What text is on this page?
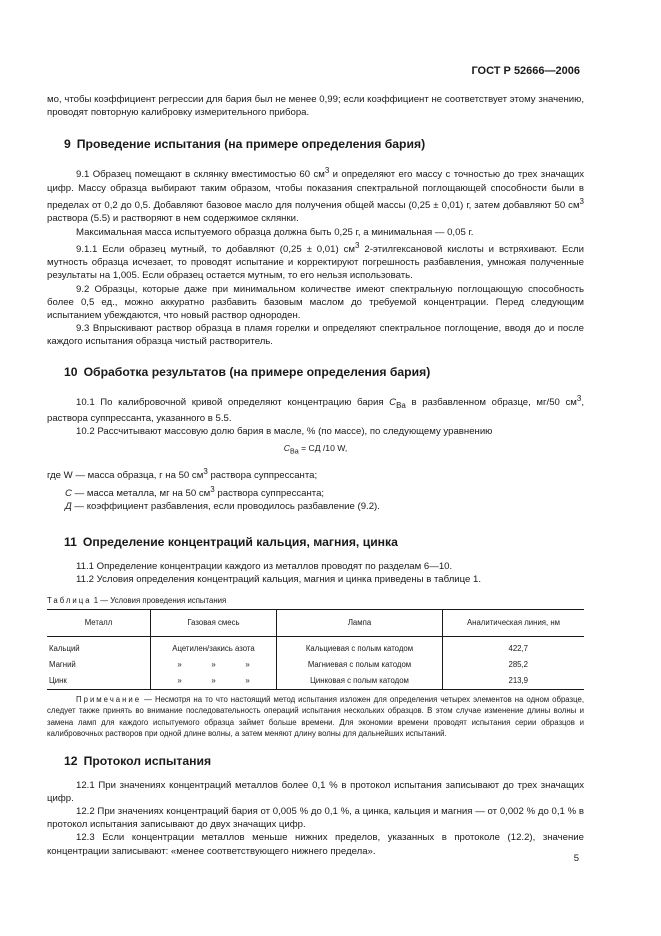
ГОСТ Р 52666—2006

мо, чтобы коэффициент регрессии для бария был не менее 0,99; если коэффициент не соответствует этому значению, проводят повторную калибровку измерительного прибора.

9 Проведение испытания (на примере определения бария)

9.1 Образец помещают в склянку вместимостью 60 $см^3$ и определяют его массу с точностью до трех значащих цифр. Массу образца выбирают таким образом, чтобы показания спектральной поглощающей способности были в пределах от 0,2 до 0,5. Добавляют базовое масло для получения общей массы (0,25 ± 0,01) г, затем добавляют 50 $см^3$ раствора (5.5) и растворяют в нем содержимое склянки.

Максимальная масса испытуемого образца должна быть 0,25 г, а минимальная — 0,05 г.

9.1.1 Если образец мутный, то добавляют (0,25 ± 0,01) $см^3$ 2-этилгексановой кислоты и встряхивают. Если мутность образца исчезает, то проводят испытание и корректируют погрешность разбавления, умножая полученные результаты на 1,005. Если образец остается мутным, то его нельзя использовать.

9.2 Образцы, которые даже при минимальном количестве имеют спектральную поглощающую способность более 0,5 ед., можно аккуратно разбавить базовым маслом до требуемой концентрации. Перед следующим испытанием убеждаются, что новый раствор однороден.

9.3 Впрыскивают раствор образца в пламя горелки и определяют спектральное поглощение, вводя до и после каждого испытания образца чистый растворитель.

10 Обработка результатов (на примере определения бария)

10.1 По калибровочной кривой определяют концентрацию бария $C_{Ba}$ в разбавленном образце, мг/50 $см^3$, раствора суппрессанта, указанного в 5.5.

10.2 Рассчитывают массовую долю бария в масле, % (по массе), по следующему уравнению

$C_{Ba}$ = CД /10 W,

где W — масса образца, г на 50 $см^3$ раствора суппрессанта;

C — масса металла, мг на 50 $см^3$ раствора суппрессанта;

Д — коэффициент разбавления, если проводилось разбавление (9.2).

11 Определение концентраций кальция, магния, цинка

11.1 Определение концентрации каждого из металлов проводят по разделам 6—10.

11.2 Условия определения концентраций кальция, магния и цинка приведены в таблице 1.

Таблица 1 — Условия проведения испытания

Металл	Газовая смесь	Лампа	Аналитическая линия, нм
Кальций	Ацетилен/закись азота	Кальциевая с полым катодом	422,7
Магний	» » »	Магниевая с полым катодом	285,2
Цинк	» » »	Цинковая с полым катодом	213,9

Примечание — Несмотря на то что настоящий метод испытания изложен для определения четырех элементов на одном образце, следует также принять во внимание последовательность операций испытания нескольких образцов. В этом случае изменение длины волны и замена ламп для каждого испытуемого образца займет больше времени. Для экономии времени проводят испытания серии образцов и калибровочных растворов при одной длине волны, а затем меняют длину волны для дальнейших испытаний.

12 Протокол испытания

12.1 При значениях концентраций металлов более 0,1 % в протокол испытания записывают до трех значащих цифр.

12.2 При значениях концентраций бария от 0,005 % до 0,1 %, а цинка, кальция и магния — от 0,002 % до 0,1 % в протокол испытания записывают до двух значащих цифр.

12.3 Если концентрации металлов меньше нижних пределов, указанных в протоколе (12.2), значение концентрации записывают: «менее соответствующего нижнего предела».

5
